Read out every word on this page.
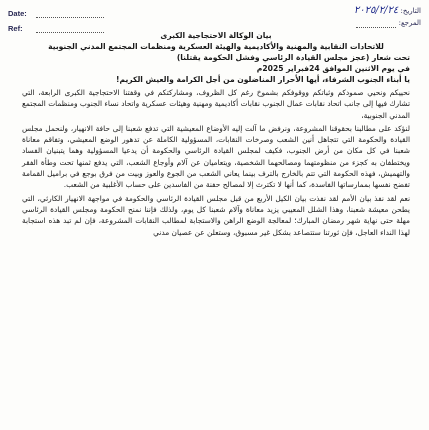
Date:
Ref:
التاريخ: ٢٠٢٥/٢/٢٤
المرجع:
بيان الوكالة الاحتجاجية الكبرى
للاتحادات النقابية والمهنية والأكاديمية والهيئة العسكرية ومنظمات المجتمع المدني الجنوبية
تحت شعار (عجز مجلس القيادة الرئاسي وفشل الحكومة يقتلنا)
في يوم الاثنين الموافق 24فبراير 2025م
يا أبناء الجنوب الشرفاء، أيها الأحرار المناضلون من أجل الكرامة والعيش الكريم!

نحييكم ونحيي صمودكم وثباتكم ووقوفكم بشموخ رغم كل الظروف، ومشاركتكم في وقفتنا الاحتجاجية الكبرى الرابعة، التي تشارك فيها إلى جانب اتحاد نقابات عمال الجنوب نقابات أكاديمية ومهنية وهيئات عسكرية واتحاد نساء الجنوب ومنظمات المجتمع المدني الجنوبية،

لنؤكد على مطالبنا بحقوقنا المشروعة، ونرفض ما آلت إليه الأوضاع المعيشية التي تدفع شعبنا إلى حافة الانهيار، ولنحمل مجلس القيادة والحكومة التي تتجاهل أنين الشعب وصرخات النقابات، المسؤولية الكاملة عن تدهور الوضع المعيشي، وتفاقم معاناة شعبنا في كل مكان من أرض الجنوب، فكيف لمجلس القيادة الرئاسي والحكومة أن يدعيا المسؤولية وهما يتبنيان الفساد ويختطفان به كجزء من منظومتهما ومصالحهما الشخصية، ويتعاميان عن آلام وأوجاع الشعب، التي يدفع ثمنها تحت وطأة الفقر والتهميش، فهذه الحكومة التي تتم بالخارج بالترف بينما يعاني الشعب من الجوع والعوز وبيت من فرق بوجع في براميل القمامة تفضح نفسها بممارساتها الفاسدة، كما أنها لا تكترث إلا لمصالح حفنة من الفاسدين على حساب الأغلبية من الشعب.

نعم لقد نفذ بيان الأمم لقد نفذت بيان الكيل الأربع من قبل مجلس القيادة الرئاسي والحكومة في مواجهة الانهيار الكارثي، التي يطحن معيشة شعبنا، وهذا الشلل المعيبي يزيد معاناة وآلام شعبنا كل يوم، ولذلك فإننا نمنح الحكومة ومجلس القيادة الرئاسي مهلة حتى نهاية شهر رمضان المبارك؛ لمعالجة الوضع الراهن والاستجابة لمطالب النقابات المشروعة، فإن لم تبد هذه استجابة لهذا النداء العاجل، فإن ثورتنا ستتصاعد بشكل غير مسبوق، وستعلن عن عصيان مدني
